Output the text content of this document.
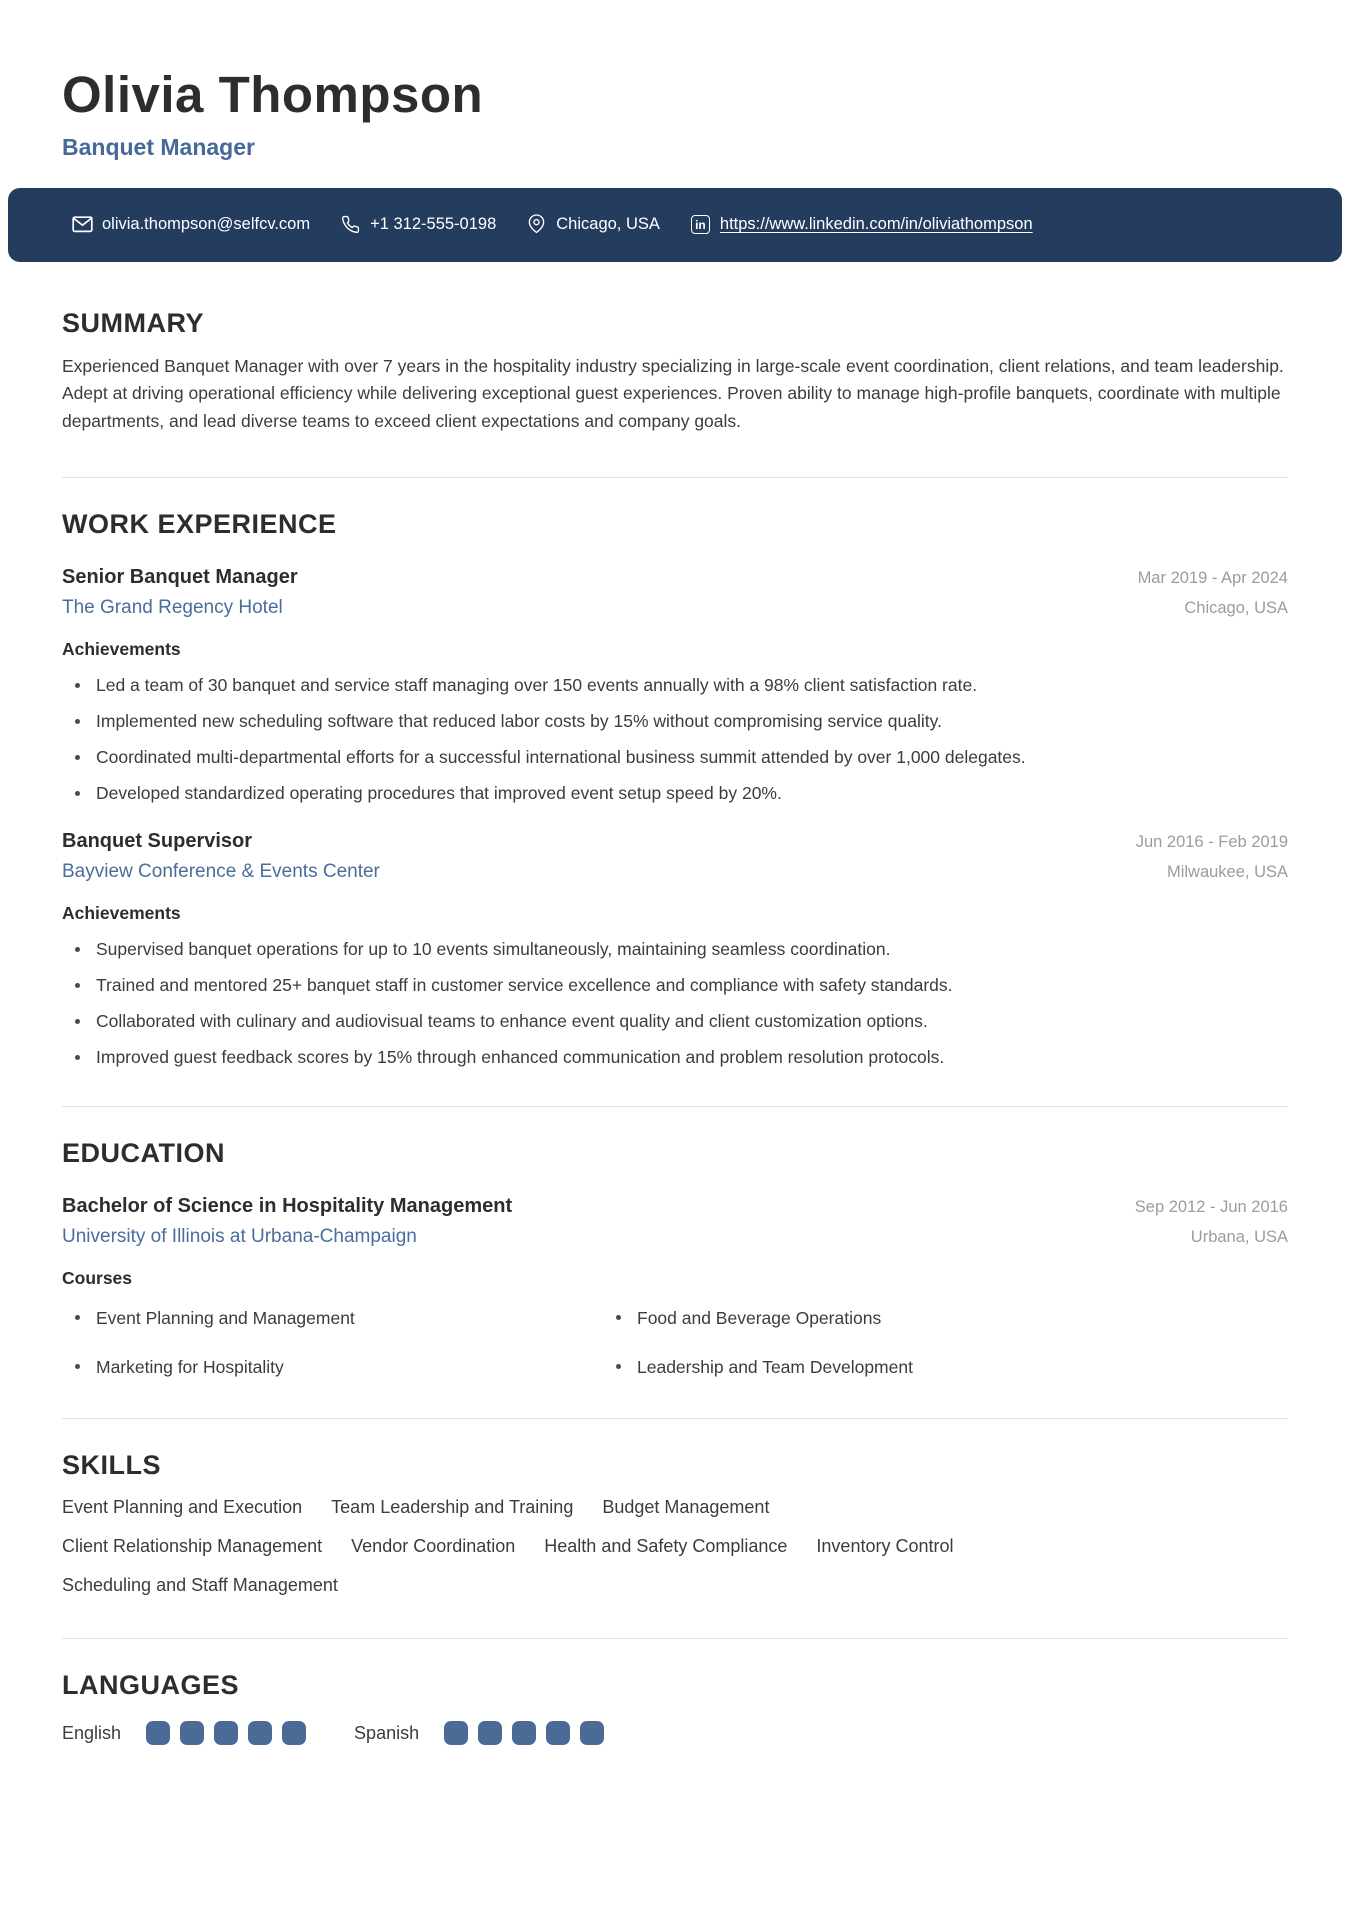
Olivia Thompson
Banquet Manager
olivia.thompson@selfcv.com	+1 312-555-0198	Chicago, USA	in https://www.linkedin.com/in/oliviathompson
SUMMARY

Experienced Banquet Manager with over 7 years in the hospitality industry specializing in large-scale event coordination, client relations, and team leadership. Adept at driving operational efficiency while delivering exceptional guest experiences. Proven ability to manage high-profile banquets, coordinate with multiple departments, and lead diverse teams to exceed client expectations and company goals.

WORK EXPERIENCE
Senior Banquet Manager	Mar 2019 - Apr 2024
The Grand Regency Hotel	Chicago, USA
Achievements
Led a team of 30 banquet and service staff managing over 150 events annually with a 98% client satisfaction rate.
Implemented new scheduling software that reduced labor costs by 15% without compromising service quality.
Coordinated multi-departmental efforts for a successful international business summit attended by over 1,000 delegates.
Developed standardized operating procedures that improved event setup speed by 20%.
Banquet Supervisor	Jun 2016 - Feb 2019
Bayview Conference & Events Center	Milwaukee, USA
Achievements
Supervised banquet operations for up to 10 events simultaneously, maintaining seamless coordination.
Trained and mentored 25+ banquet staff in customer service excellence and compliance with safety standards.
Collaborated with culinary and audiovisual teams to enhance event quality and client customization options.
Improved guest feedback scores by 15% through enhanced communication and problem resolution protocols.
EDUCATION
Bachelor of Science in Hospitality Management	Sep 2012 - Jun 2016
University of Illinois at Urbana-Champaign	Urbana, USA
Courses
Event Planning and Management	Food and Beverage Operations
Marketing for Hospitality	Leadership and Team Development
SKILLS
Event Planning and Execution Team Leadership and Training Budget Management
Client Relationship Management Vendor Coordination Health and Safety Compliance Inventory Control
Scheduling and Staff Management
LANGUAGES
English	Spanish
